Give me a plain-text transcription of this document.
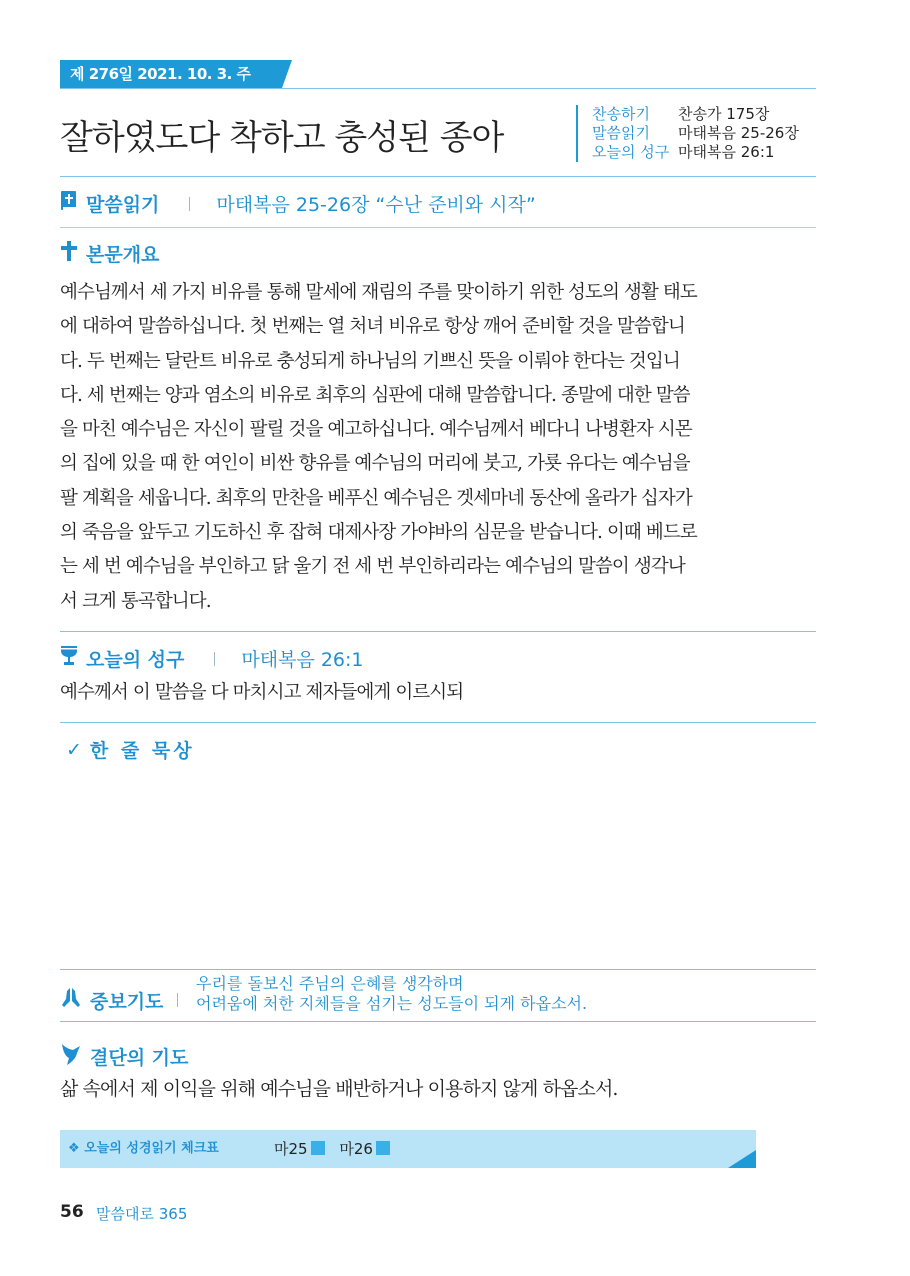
제 276일 2021. 10. 3. 주
잘하였도다 착하고 충성된 종아
찬송하기	찬송가 175장
말씀읽기	마태복음 25-26장
오늘의 성구 마태복음 26:1
말씀읽기	마태복음 25-26장 “수난 준비와 시작”
본문개요
예수님께서 세 가지 비유를 통해 말세에 재림의 주를 맞이하기 위한 성도의 생활 태도
에 대하여 말씀하십니다. 첫 번째는 열 처녀 비유로 항상 깨어 준비할 것을 말씀합니
다. 두 번째는 달란트 비유로 충성되게 하나님의 기쁘신 뜻을 이뤄야 한다는 것입니
다. 세 번째는 양과 염소의 비유로 최후의 심판에 대해 말씀합니다. 종말에 대한 말씀
을 마친 예수님은 자신이 팔릴 것을 예고하십니다. 예수님께서 베다니 나병환자 시몬
의 집에 있을 때 한 여인이 비싼 향유를 예수님의 머리에 붓고, 가룟 유다는 예수님을
팔 계획을 세웁니다. 최후의 만찬을 베푸신 예수님은 겟세마네 동산에 올라가 십자가
의 죽음을 앞두고 기도하신 후 잡혀 대제사장 가야바의 심문을 받습니다. 이때 베드로
는 세 번 예수님을 부인하고 닭 울기 전 세 번 부인하리라는 예수님의 말씀이 생각나
서 크게 통곡합니다.
오늘의 성구	마태복음 26:1
예수께서 이 말씀을 다 마치시고 제자들에게 이르시되
✓ 한 줄 묵상
중보기도
우리를 돌보신 주님의 은혜를 생각하며
어려움에 처한 지체들을 섬기는 성도들이 되게 하옵소서.
결단의 기도
삶 속에서 제 이익을 위해 예수님을 배반하거나 이용하지 않게 하옵소서.
❖ 오늘의 성경읽기 체크표	마25 마26
56 말씀대로 365
